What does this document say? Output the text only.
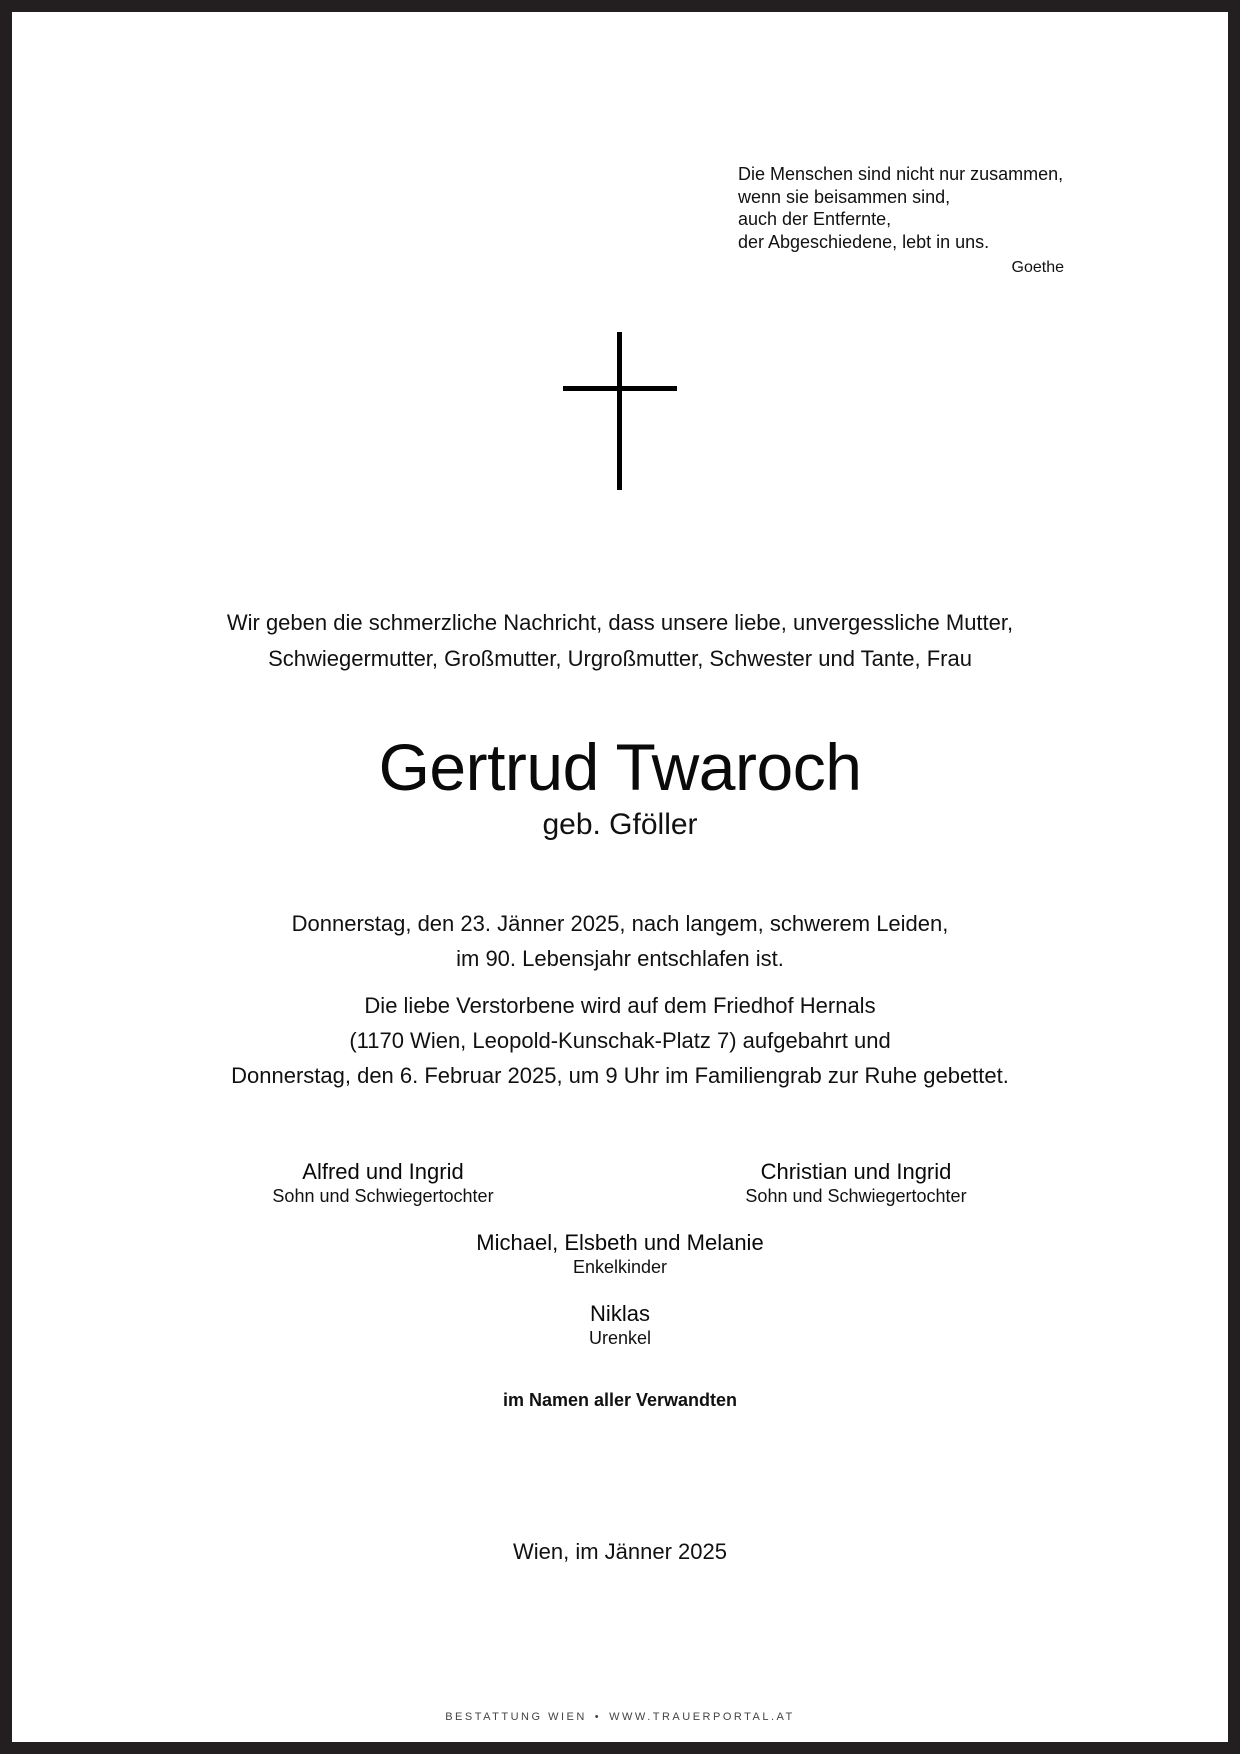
Die Menschen sind nicht nur zusammen,
wenn sie beisammen sind,
auch der Entfernte,
der Abgeschiedene, lebt in uns.
Goethe
Wir geben die schmerzliche Nachricht, dass unsere liebe, unvergessliche Mutter,
Schwiegermutter, Großmutter, Urgroßmutter, Schwester und Tante, Frau
Gertrud Twaroch
geb. Gföller
Donnerstag, den 23. Jänner 2025, nach langem, schwerem Leiden,
im 90. Lebensjahr entschlafen ist.
Die liebe Verstorbene wird auf dem Friedhof Hernals
(1170 Wien, Leopold-Kunschak-Platz 7) aufgebahrt und
Donnerstag, den 6. Februar 2025, um 9 Uhr im Familiengrab zur Ruhe gebettet.
Alfred und Ingrid
Sohn und Schwiegertochter
Christian und Ingrid
Sohn und Schwiegertochter
Michael, Elsbeth und Melanie
Enkelkinder
Niklas
Urenkel
im Namen aller Verwandten
Wien, im Jänner 2025
BESTATTUNG WIEN • WWW.TRAUERPORTAL.AT
